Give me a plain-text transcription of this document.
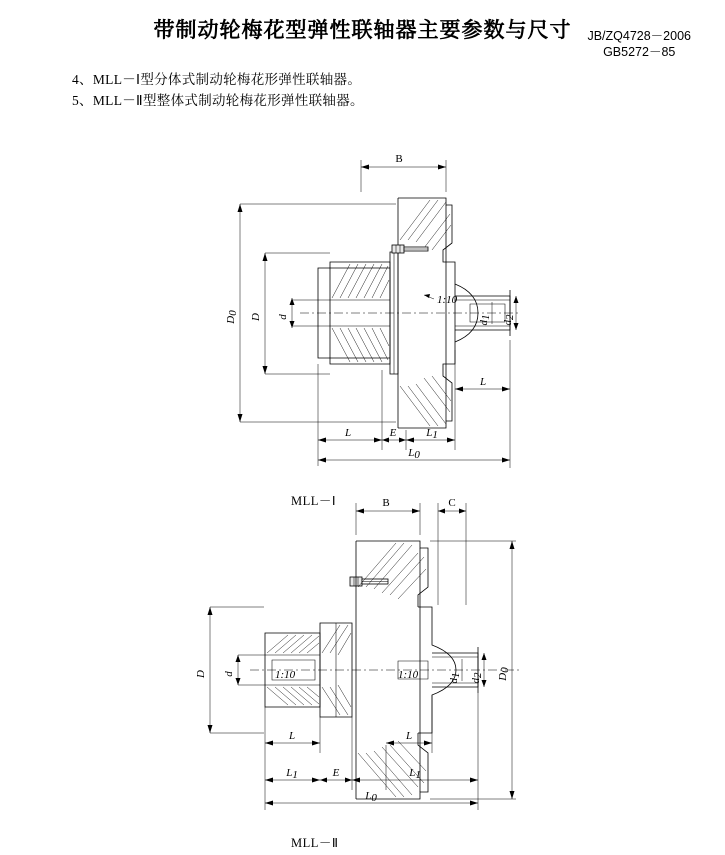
带制动轮梅花型弹性联轴器主要参数与尺寸	JB/ZQ4728－2006
GB5272－85
4、MLL－Ⅰ型分体式制动轮梅花形弹性联轴器。
5、MLL－Ⅱ型整体式制动轮梅花形弹性联轴器。
1:10
B
D0 D d
d1
d2
L
L	E	L1
L0
MLL－Ⅰ
1:10	1:10
B	C
D d
d1
d2 D0
L	L
L1	E	L1
L0
MLL－Ⅱ
